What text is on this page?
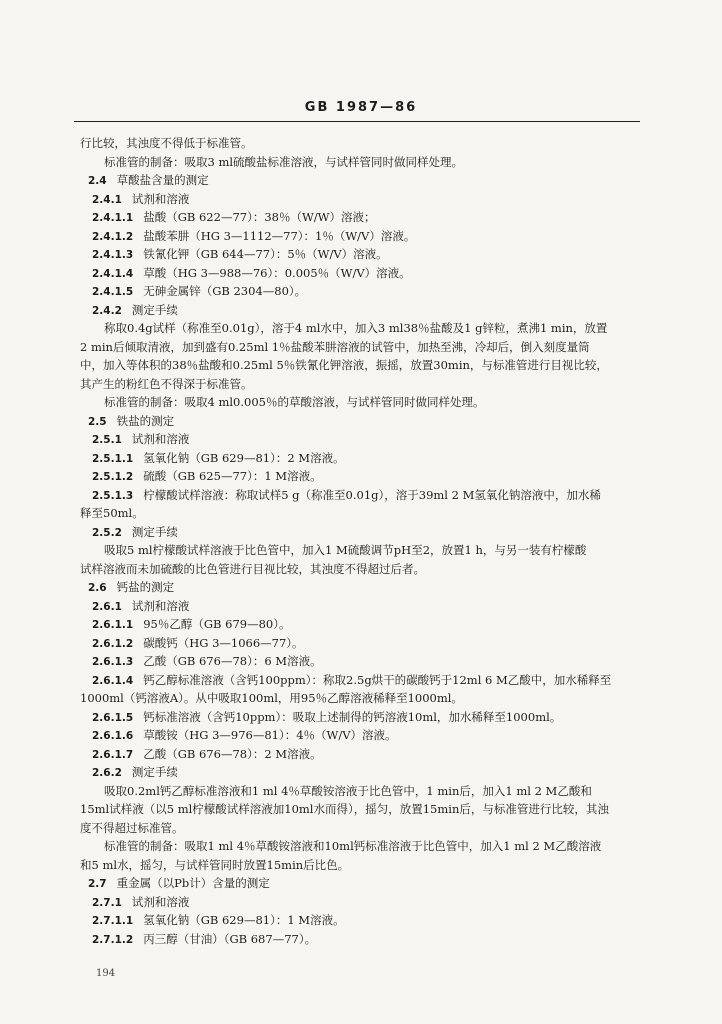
GB 1987—86
行比较，其浊度不得低于标准管。
标准管的制备：吸取3 ml硫酸盐标准溶液，与试样管同时做同样处理。
2.4 草酸盐含量的测定
2.4.1 试剂和溶液
2.4.1.1 盐酸（GB 622—77）：38％（W/W）溶液；
2.4.1.2 盐酸苯肼（HG 3—1112—77）：1％（W/V）溶液。
2.4.1.3 铁氰化钾（GB 644—77）：5％（W/V）溶液。
2.4.1.4 草酸（HG 3—988—76）：0.005％（W/V）溶液。
2.4.1.5 无砷金属锌（GB 2304—80）。
2.4.2 测定手续
称取0.4g试样（称准至0.01g），溶于4 ml水中，加入3 ml38％盐酸及1 g锌粒，煮沸1 min，放置
2 min后倾取清液，加到盛有0.25ml 1％盐酸苯肼溶液的试管中，加热至沸，冷却后，倒入刻度量筒
中，加入等体积的38％盐酸和0.25ml 5％铁氰化钾溶液，振摇，放置30min，与标准管进行目视比较，
其产生的粉红色不得深于标准管。
标准管的制备：吸取4 ml0.005％的草酸溶液，与试样管同时做同样处理。
2.5 铁盐的测定
2.5.1 试剂和溶液
2.5.1.1 氢氧化钠（GB 629—81）：2 M溶液。
2.5.1.2 硫酸（GB 625—77）：1 M溶液。
2.5.1.3 柠檬酸试样溶液：称取试样5 g（称准至0.01g），溶于39ml 2 M氢氧化钠溶液中，加水稀
释至50ml。
2.5.2 测定手续
吸取5 ml柠檬酸试样溶液于比色管中，加入1 M硫酸调节pH至2，放置1 h，与另一装有柠檬酸
试样溶液而未加硫酸的比色管进行目视比较，其浊度不得超过后者。
2.6 钙盐的测定
2.6.1 试剂和溶液
2.6.1.1 95％乙醇（GB 679—80）。
2.6.1.2 碳酸钙（HG 3—1066—77）。
2.6.1.3 乙酸（GB 676—78）：6 M溶液。
2.6.1.4 钙乙醇标准溶液（含钙100ppm）：称取2.5g烘干的碳酸钙于12ml 6 M乙酸中，加水稀释至
1000ml（钙溶液A）。从中吸取100ml，用95％乙醇溶液稀释至1000ml。
2.6.1.5 钙标准溶液（含钙10ppm）：吸取上述制得的钙溶液10ml，加水稀释至1000ml。
2.6.1.6 草酸铵（HG 3—976—81）：4％（W/V）溶液。
2.6.1.7 乙酸（GB 676—78）：2 M溶液。
2.6.2 测定手续
吸取0.2ml钙乙醇标准溶液和1 ml 4％草酸铵溶液于比色管中，1 min后，加入1 ml 2 M乙酸和
15ml试样液（以5 ml柠檬酸试样溶液加10ml水而得），摇匀，放置15min后，与标准管进行比较，其浊
度不得超过标准管。
标准管的制备：吸取1 ml 4％草酸铵溶液和10ml钙标准溶液于比色管中，加入1 ml 2 M乙酸溶液
和5 ml水，摇匀，与试样管同时放置15min后比色。
2.7 重金属（以Pb计）含量的测定
2.7.1 试剂和溶液
2.7.1.1 氢氧化钠（GB 629—81）：1 M溶液。
2.7.1.2 丙三醇（甘油）（GB 687—77）。
194
